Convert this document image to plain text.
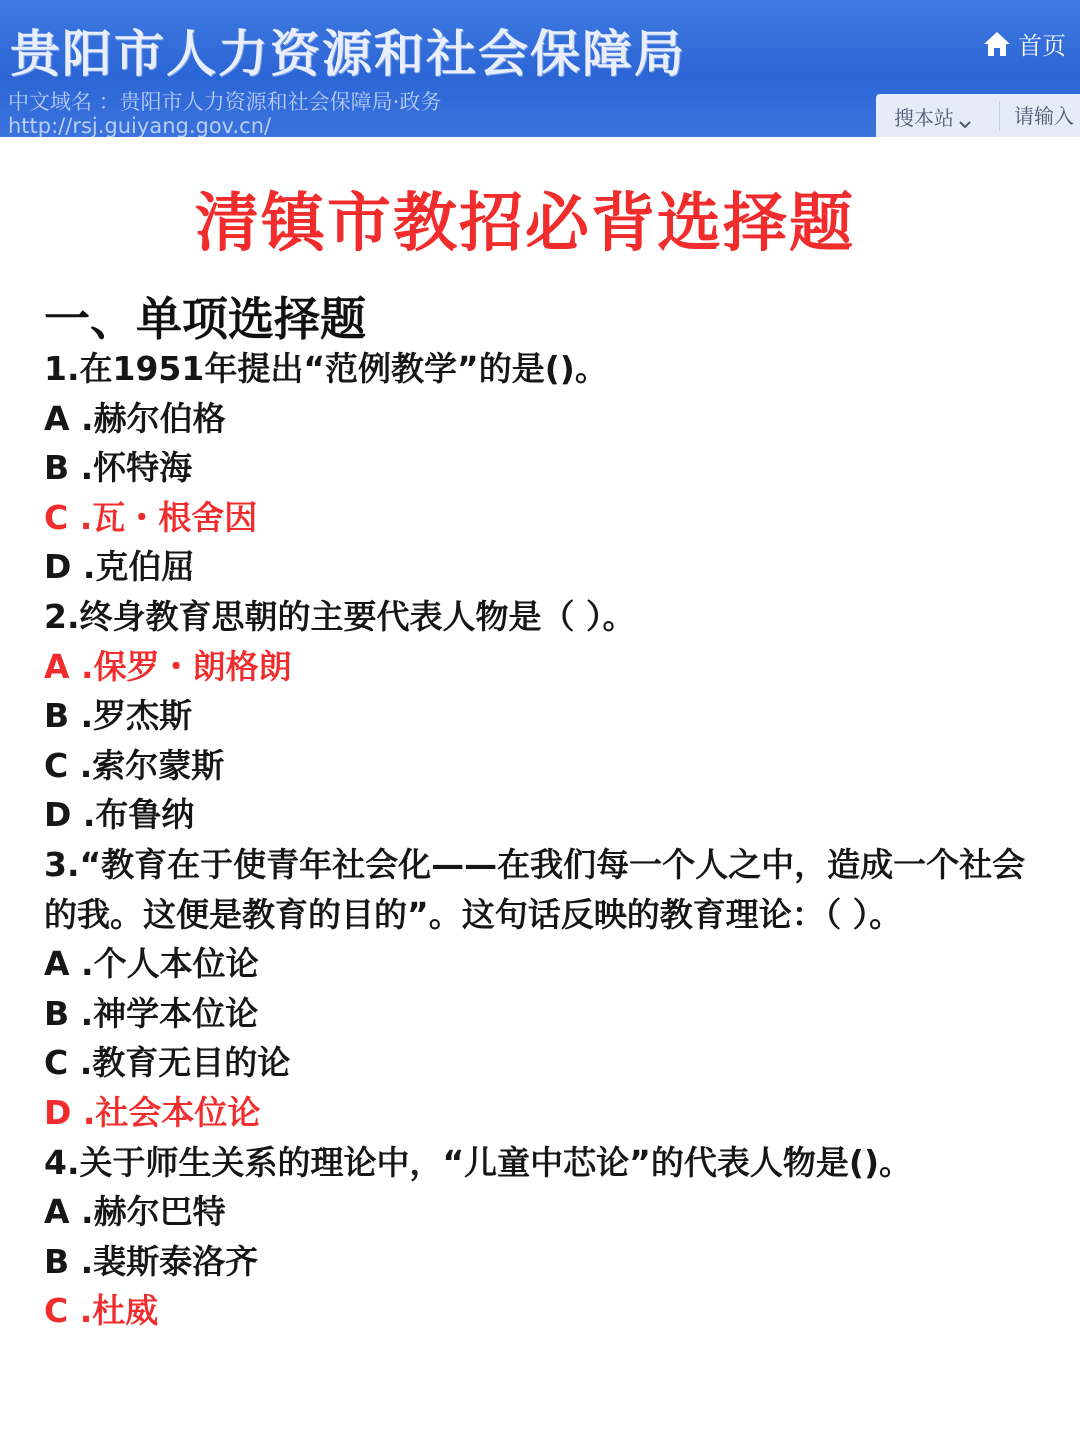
贵阳市人力资源和社会保障局
中文域名 ：贵阳市人力资源和社会保障局·政务
http://rsj.guiyang.gov.cn/
首页
搜本站
请输入
清镇市教招必背选择题
一、单项选择题
1.在1951年提出“范例教学”的是()。
A .赫尔伯格
B .怀特海
C .瓦・根舍因
D .克伯屈
2.终身教育思朝的主要代表人物是（ ）。
A .保罗・朗格朗
B .罗杰斯
C .索尔蒙斯
D .布鲁纳
3.“教育在于使青年社会化——在我们每一个人之中，造成一个社会的我。这便是教育的目的”。这句话反映的教育理论：（ ）。
A .个人本位论
B .神学本位论
C .教育无目的论
D .社会本位论
4.关于师生关系的理论中，“儿童中芯论”的代表人物是()。
A .赫尔巴特
B .裴斯泰洛齐
C .杜威
